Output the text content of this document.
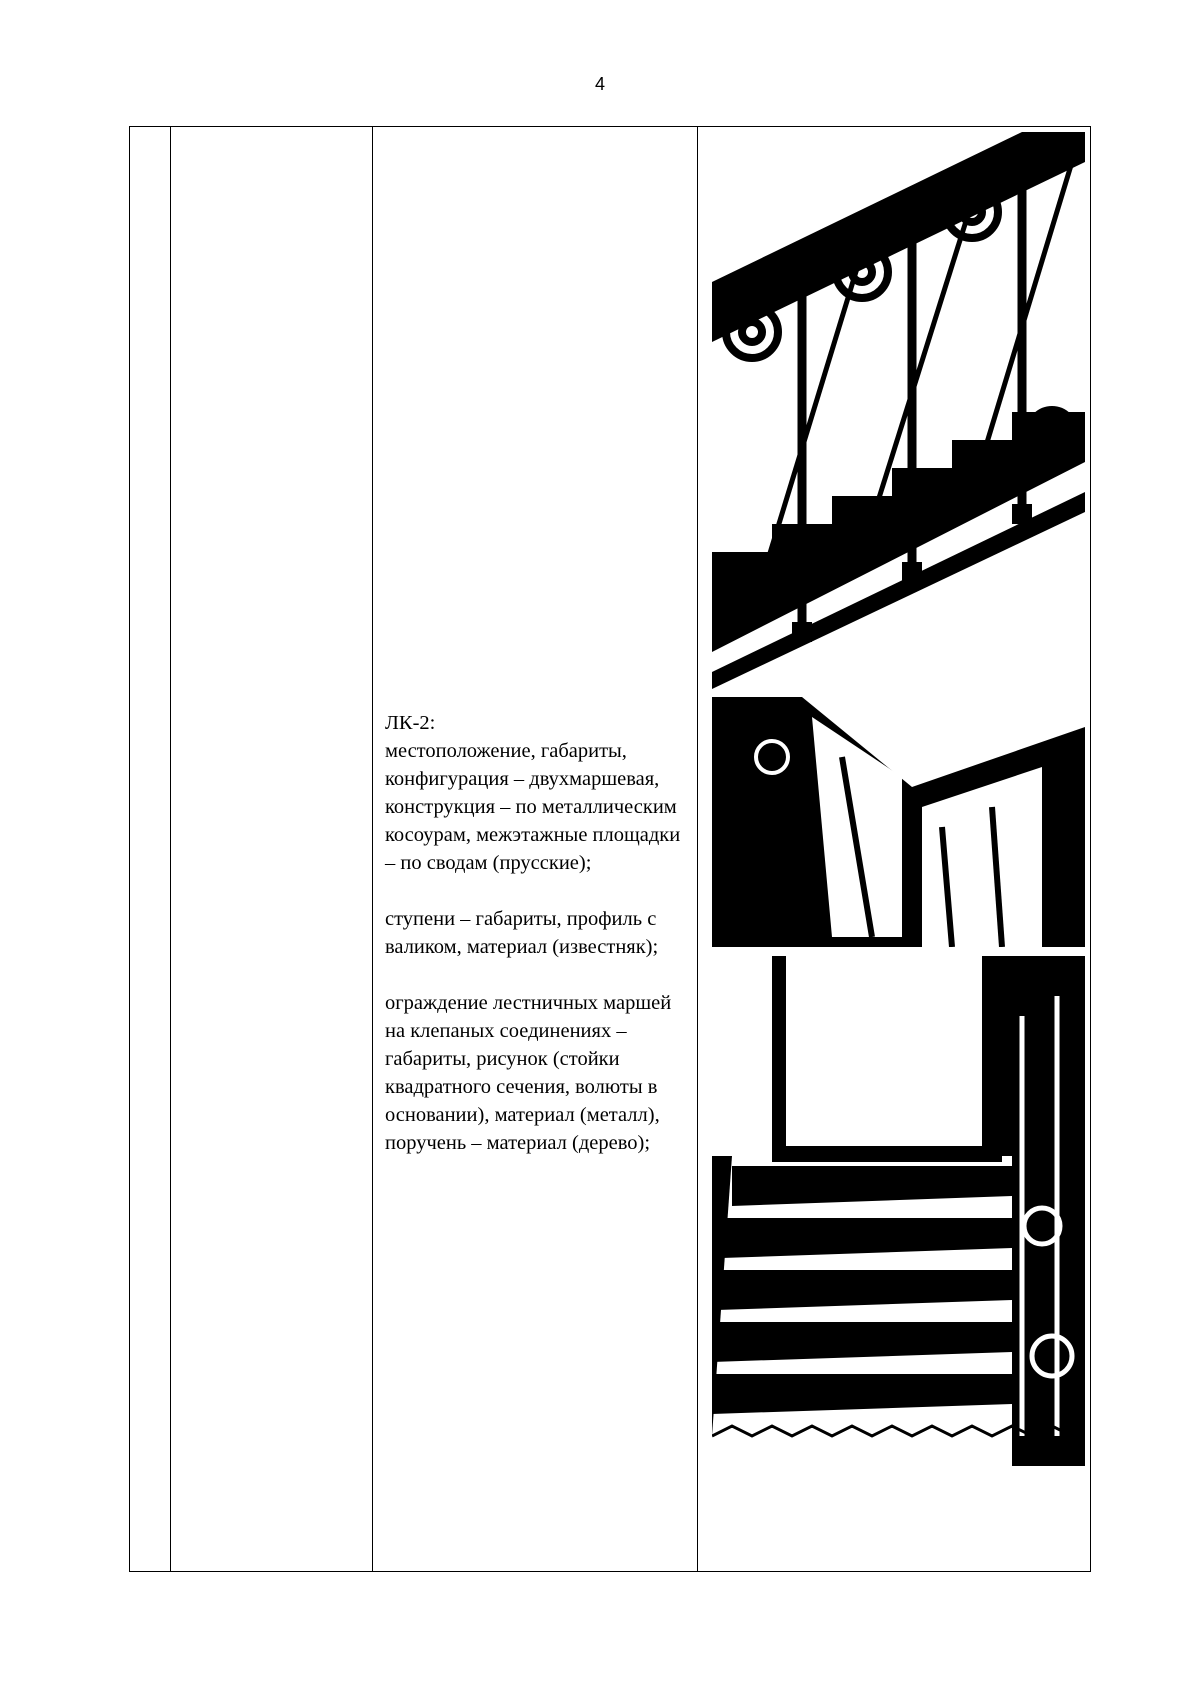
4

ЛК-2:

местоположение, габариты, конфигурация – двухмаршевая, конструкция – по металлическим косоурам, межэтажные площадки – по сводам (прусские);

ступени – габариты, профиль с валиком, материал (известняк);

ограждение лестничных маршей на клепаных соединениях – габариты, рисунок (стойки квадратного сечения, волюты в основании), материал (металл), поручень – материал (дерево);
